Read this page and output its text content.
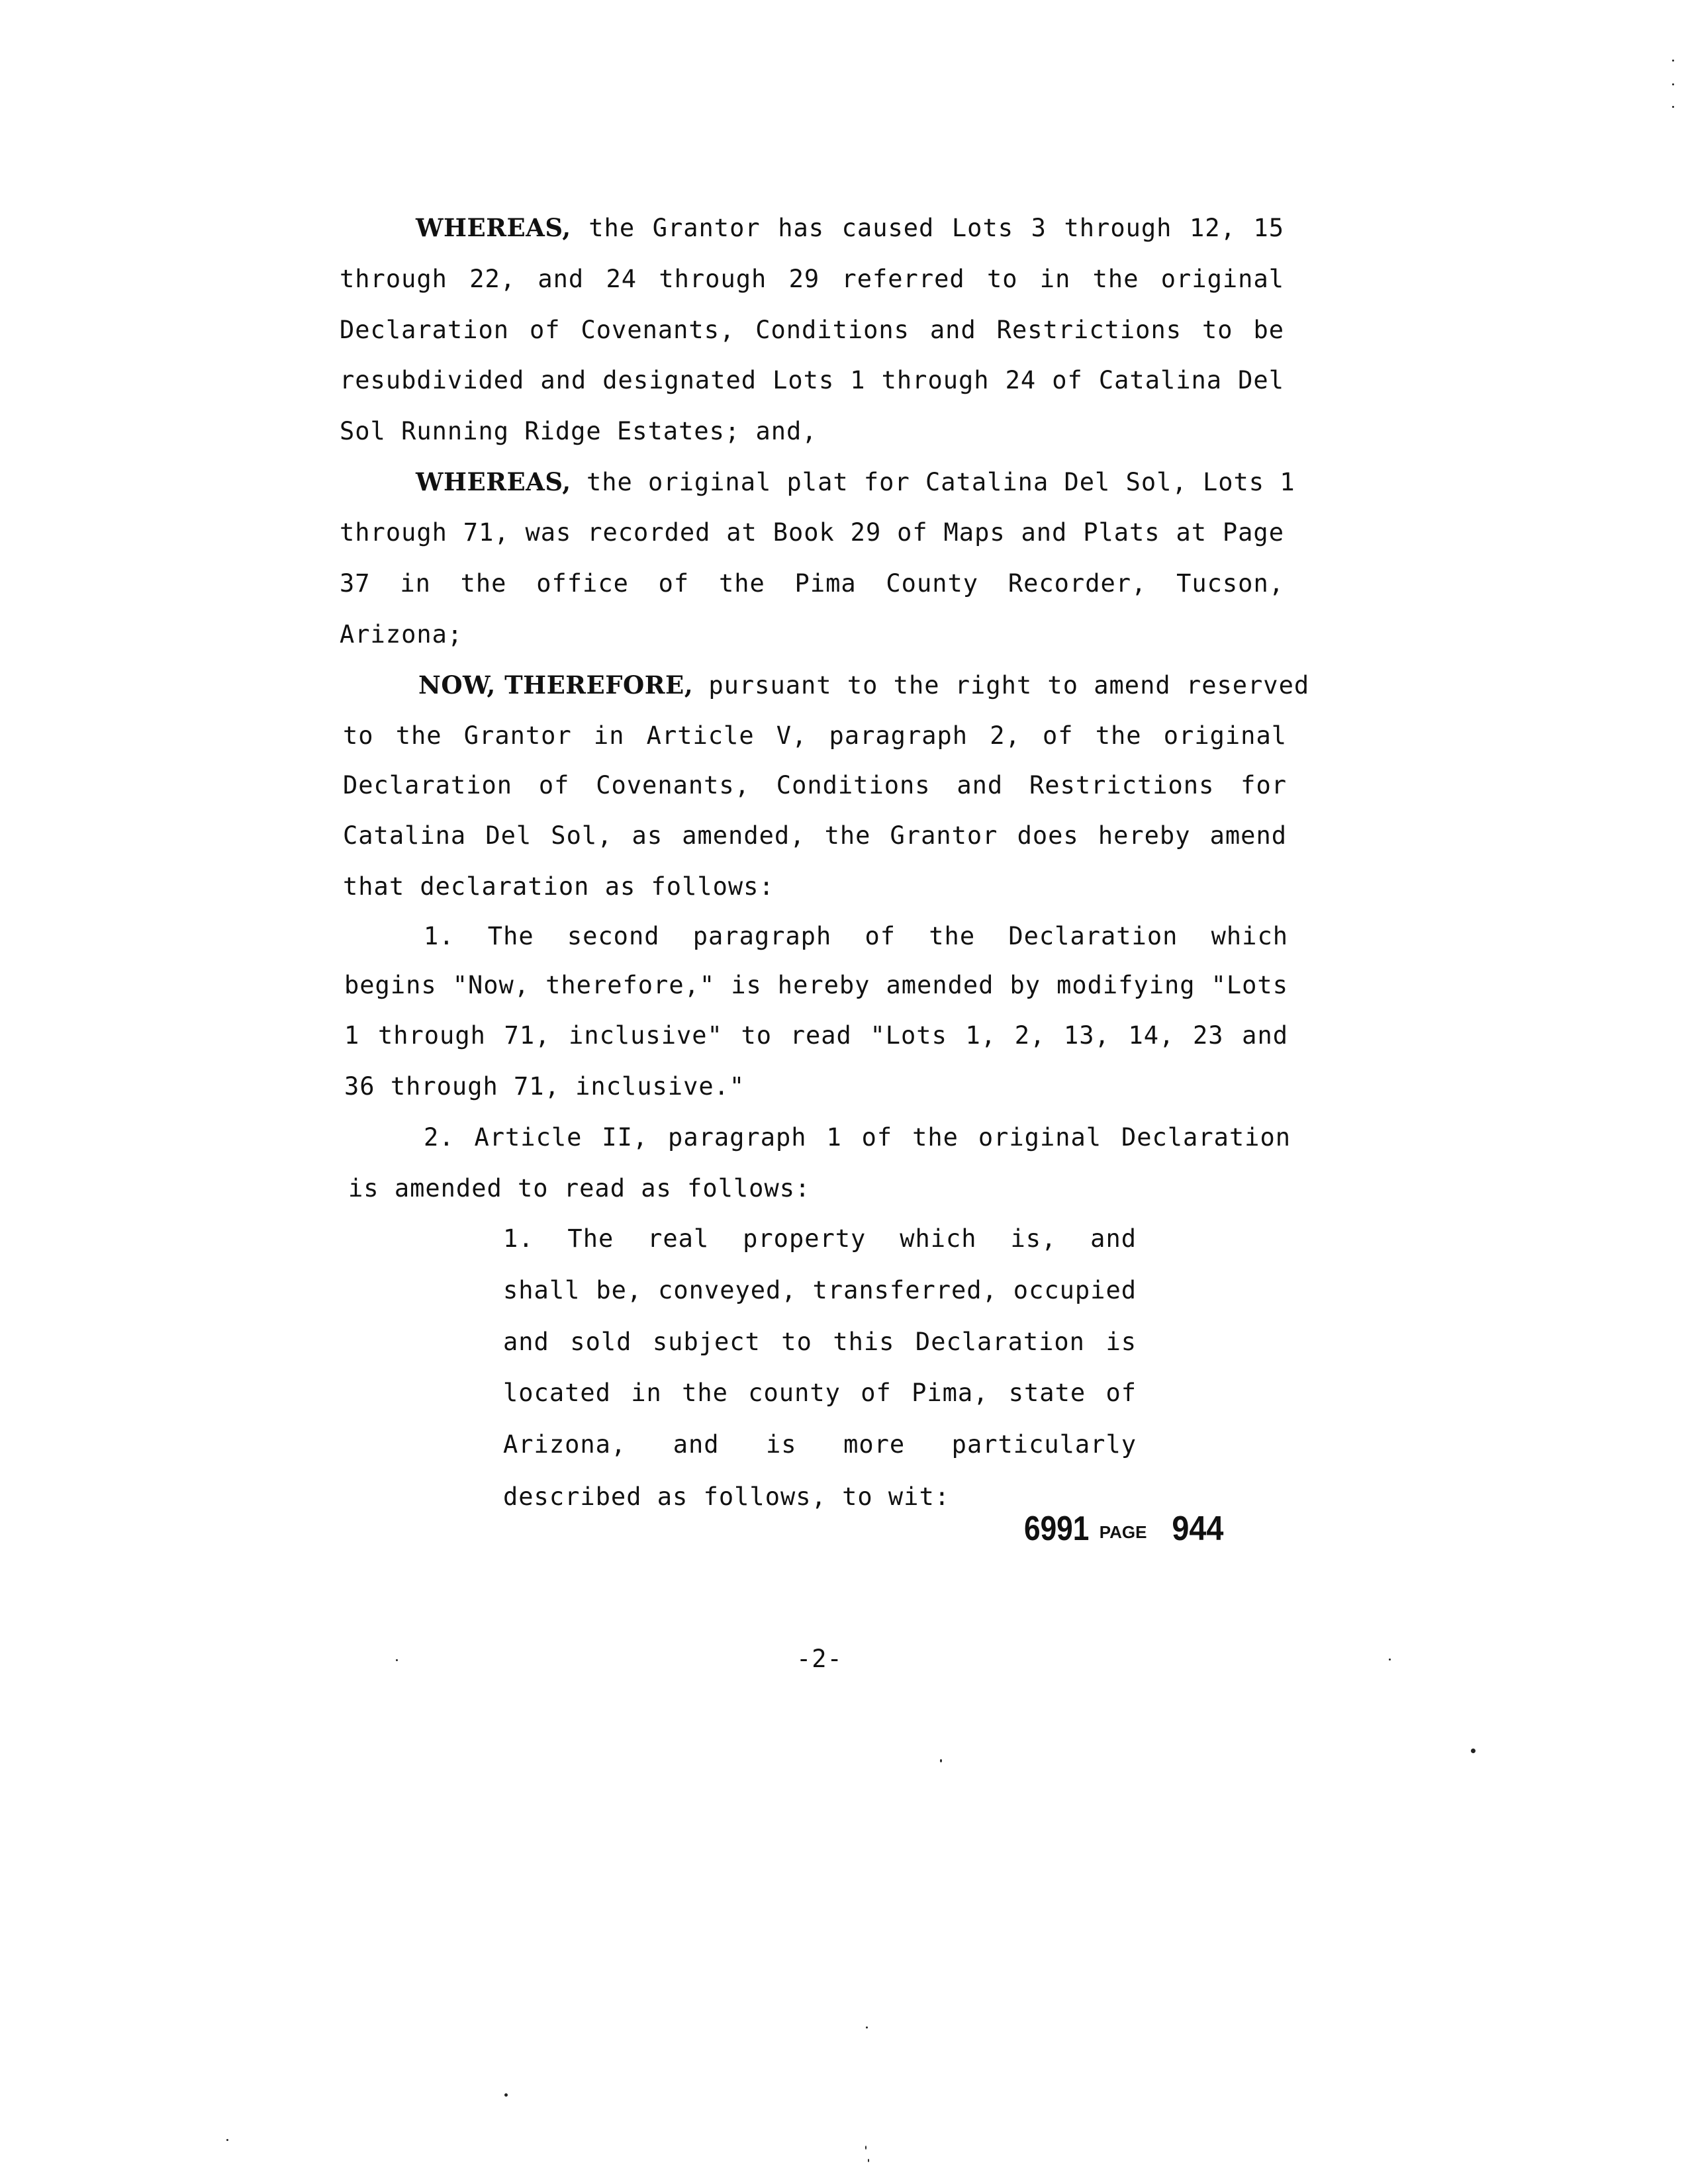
WHEREAS, the Grantor has caused Lots 3 through 12, 15
through 22, and 24 through 29 referred to in the original
Declaration of Covenants, Conditions and Restrictions to be
resubdivided and designated Lots 1 through 24 of Catalina Del
Sol Running Ridge Estates; and,
WHEREAS, the original plat for Catalina Del Sol, Lots 1
through 71, was recorded at Book 29 of Maps and Plats at Page
37 in the office of the Pima County Recorder, Tucson,
Arizona;
NOW, THEREFORE, pursuant to the right to amend reserved
to the Grantor in Article V, paragraph 2, of the original
Declaration of Covenants, Conditions and Restrictions for
Catalina Del Sol, as amended, the Grantor does hereby amend
that declaration as follows:
1. The second paragraph of the Declaration which
begins "Now, therefore," is hereby amended by modifying "Lots
1 through 71, inclusive" to read "Lots 1, 2, 13, 14, 23 and
36 through 71, inclusive."
2. Article II, paragraph 1 of the original Declaration
is amended to read as follows:
1. The real property which is, and
shall be, conveyed, transferred, occupied
and sold subject to this Declaration is
located in the county of Pima, state of
Arizona, and is more particularly
described as follows, to wit:
6991 PAGE 944
-2-
